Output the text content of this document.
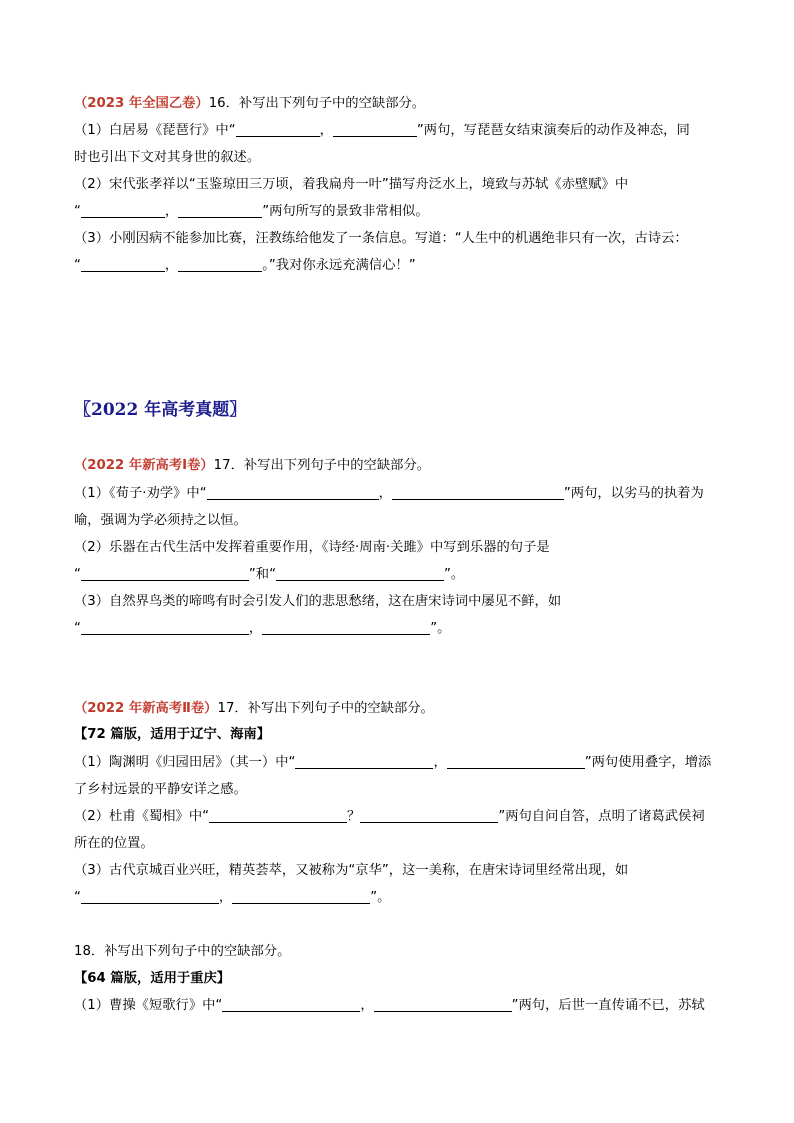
（2023 年全国乙卷）16．补写出下列句子中的空缺部分。
（1）白居易《琵琶行》中“	，	”两句，写琵琶女结束演奏后的动作及神态，同
时也引出下文对其身世的叙述。
（2）宋代张孝祥以“玉鉴琼田三万顷，着我扁舟一叶”描写舟泛水上，境致与苏轼《赤壁赋》中
“	，	”两句所写的景致非常相似。
（3）小刚因病不能参加比赛，汪教练给他发了一条信息。写道：“人生中的机遇绝非只有一次，古诗云：
“	，	。”我对你永远充满信心！”
〖2022 年高考真题〗
（2022 年新高考Ⅰ卷）17．补写出下列句子中的空缺部分。
（1）《荀子·劝学》中“	，	”两句，以劣马的执着为
喻，强调为学必须持之以恒。
（2）乐器在古代生活中发挥着重要作用，《诗经·周南·关雎》中写到乐器的句子是
“	”和“	”。
（3）自然界鸟类的啼鸣有时会引发人们的悲思愁绪，这在唐宋诗词中屡见不鲜，如
“	，	”。
（2022 年新高考Ⅱ卷）17．补写出下列句子中的空缺部分。
【72 篇版，适用于辽宁、海南】
（1）陶渊明《归园田居》（其一）中“	，	”两句使用叠字，增添
了乡村远景的平静安详之感。
（2）杜甫《蜀相》中“	？	”两句自问自答，点明了诸葛武侯祠
所在的位置。
（3）古代京城百业兴旺，精英荟萃，又被称为“京华”，这一美称，在唐宋诗词里经常出现，如
“	，	”。
18．补写出下列句子中的空缺部分。
【64 篇版，适用于重庆】
（1）曹操《短歌行》中“	，	”两句，后世一直传诵不已，苏轼
